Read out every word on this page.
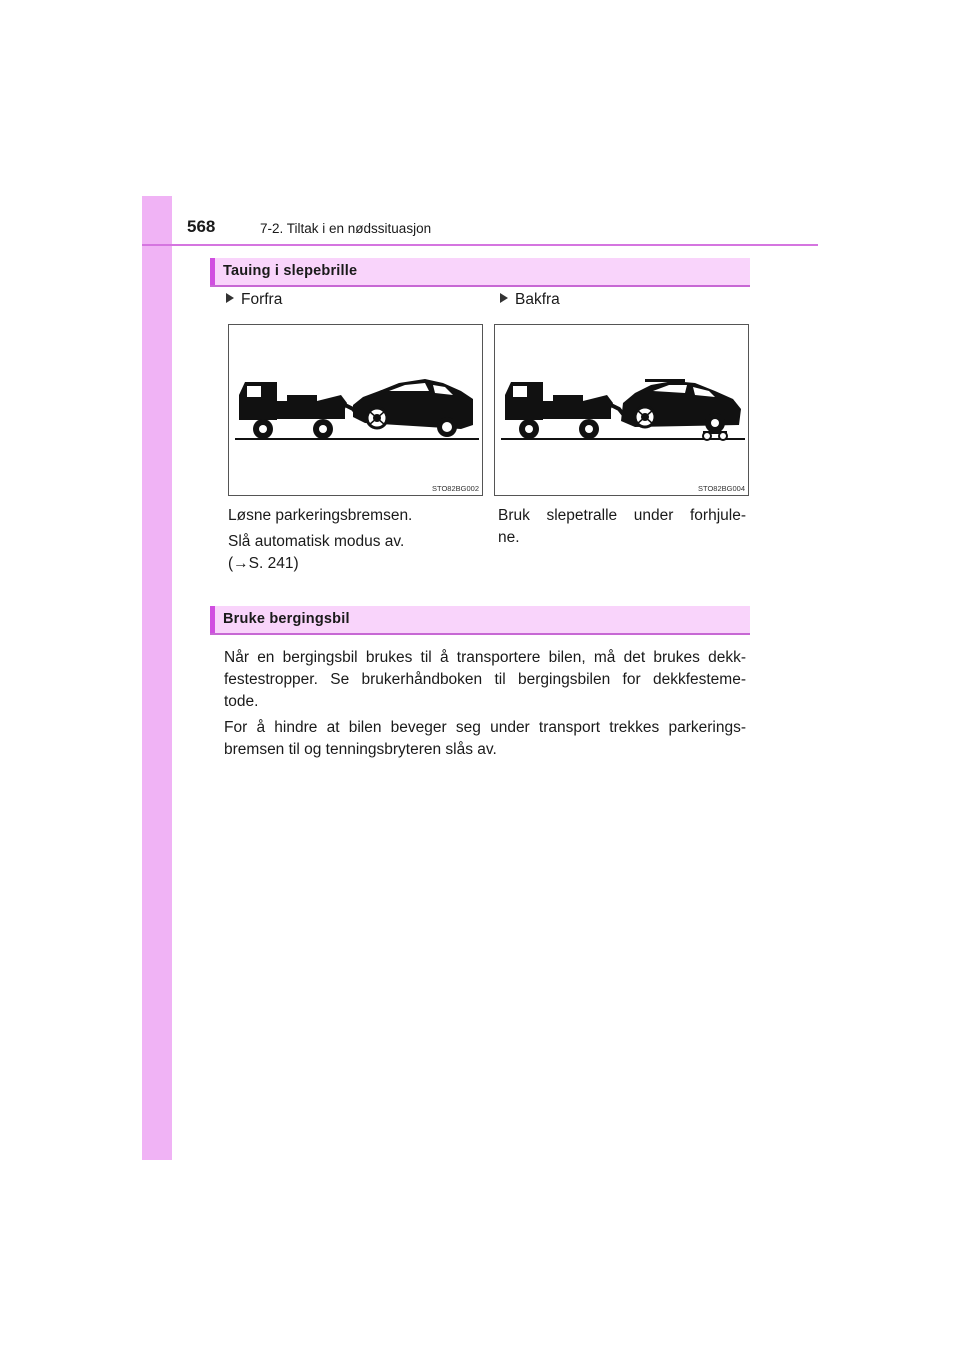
568	7-2. Tiltak i en nødssituasjon
Tauing i slepebrille
Forfra	Bakfra
STO82BG002	STO82BG004
Løsne parkeringsbremsen.
Slå automatisk modus av.
(→S. 241)
Bruk slepetralle under forhjule-
ne.
Bruke bergingsbil
Når en bergingsbil brukes til å transportere bilen, må det brukes dekk-
festestropper. Se brukerhåndboken til bergingsbilen for dekkfesteme-
tode.
For å hindre at bilen beveger seg under transport trekkes parkerings-
bremsen til og tenningsbryteren slås av.
